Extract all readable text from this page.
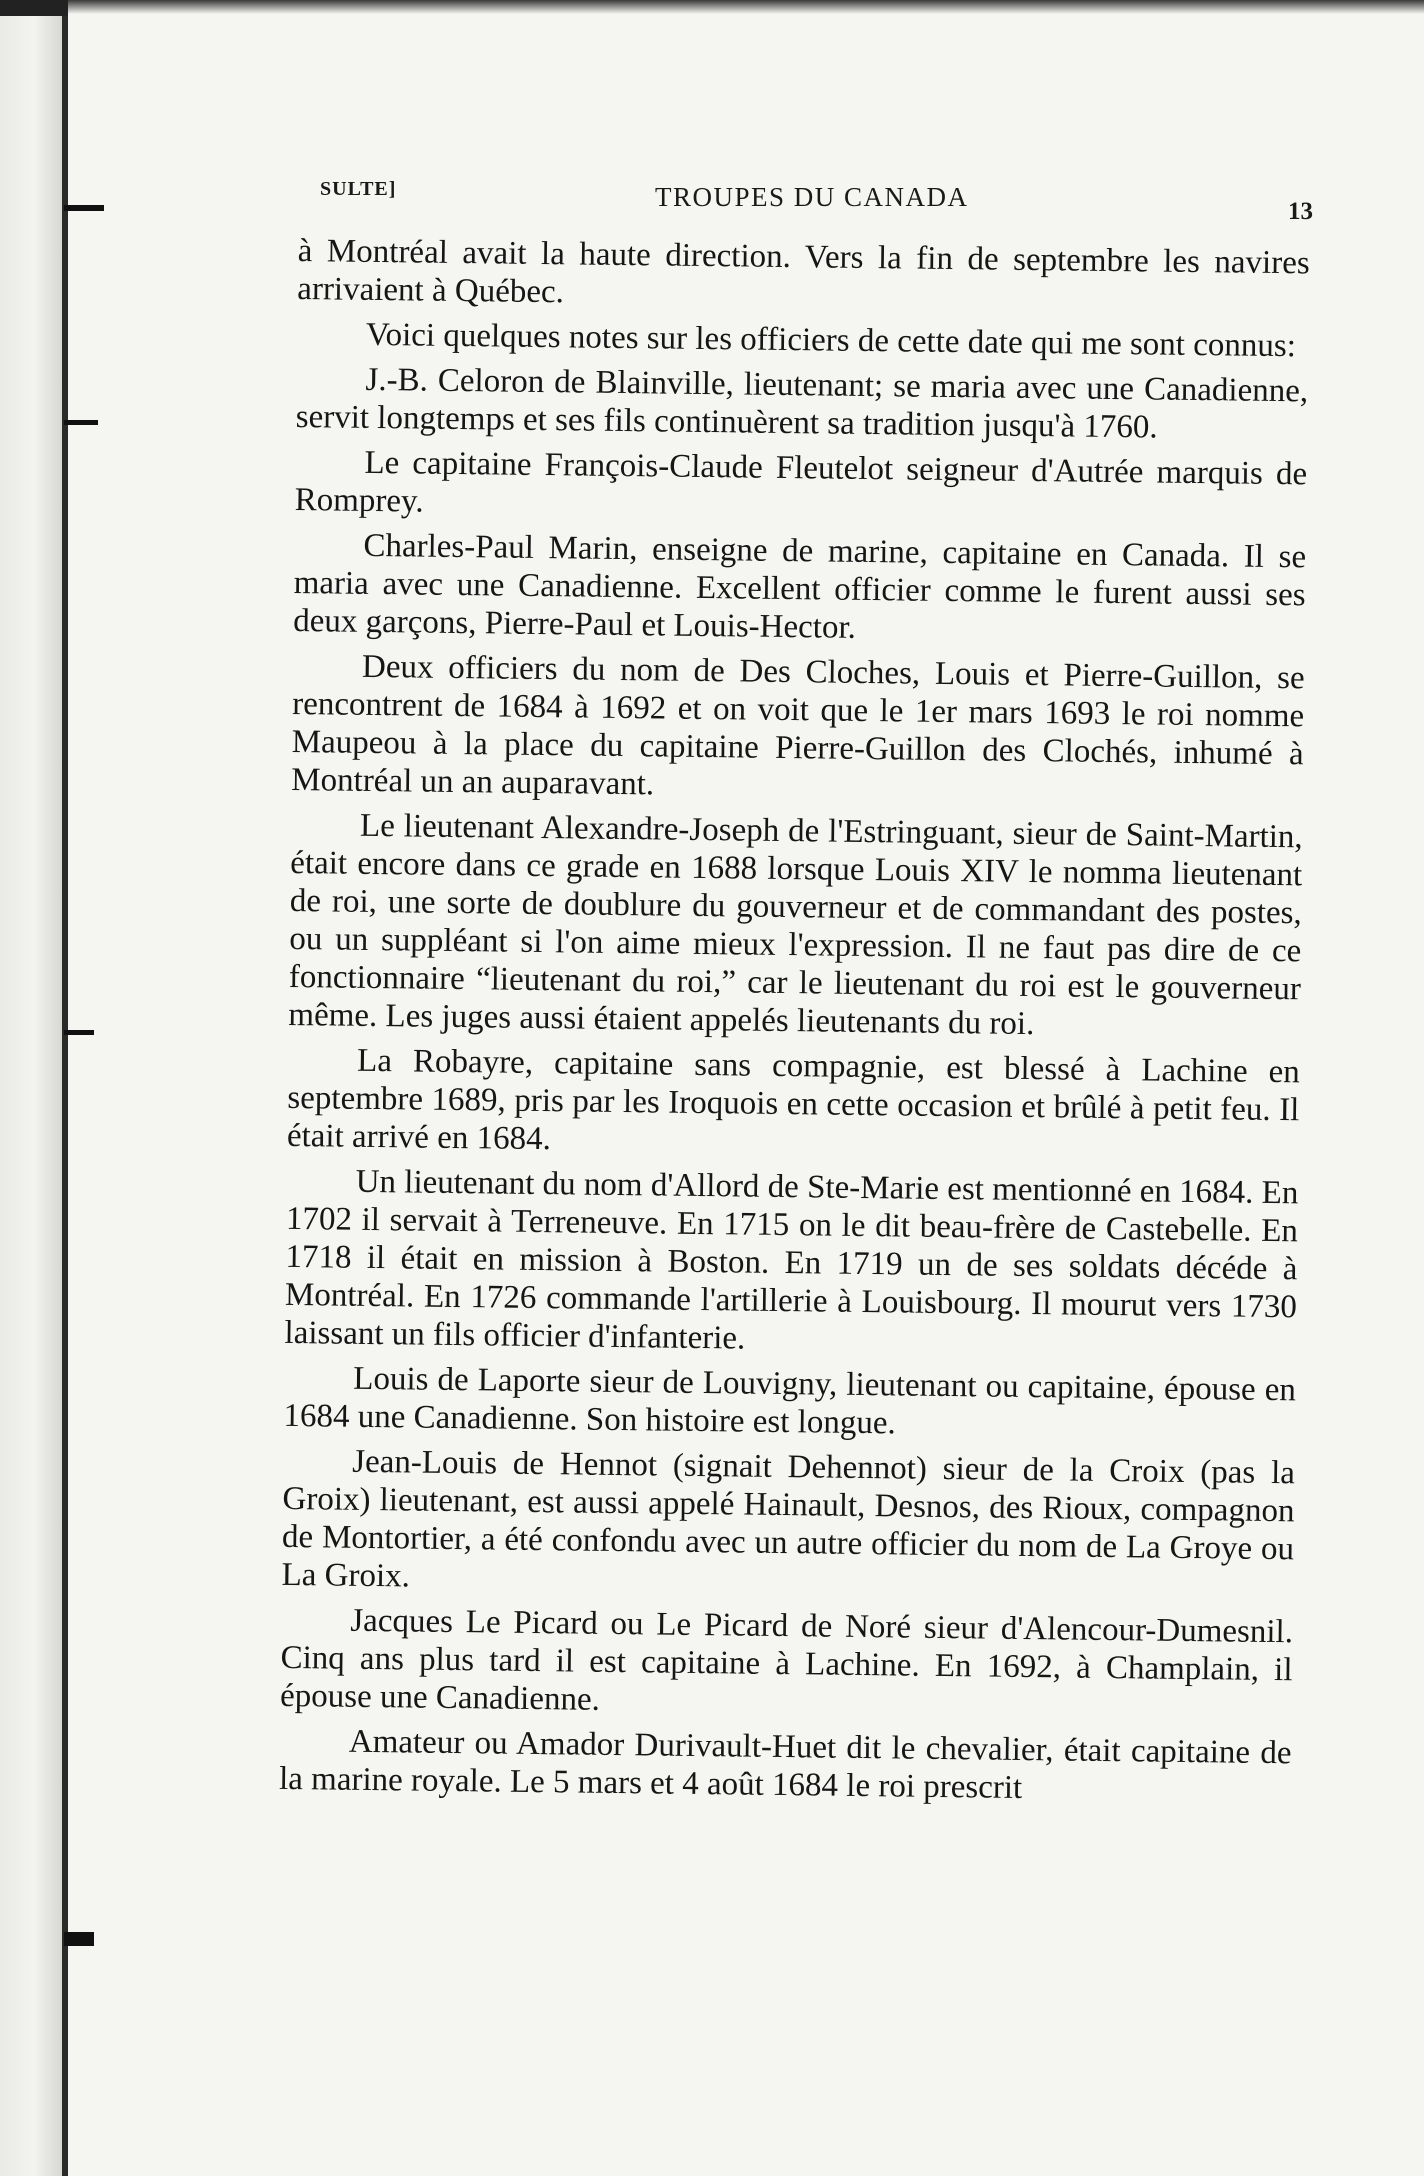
SULTE]	TROUPES DU CANADA	13

à Montréal avait la haute direction. Vers la fin de septembre les navires arrivaient à Québec.

Voici quelques notes sur les officiers de cette date qui me sont connus:

J.-B. Celoron de Blainville, lieutenant; se maria avec une Canadienne, servit longtemps et ses fils continuèrent sa tradition jusqu'à 1760.

Le capitaine François-Claude Fleutelot seigneur d'Autrée marquis de Romprey.

Charles-Paul Marin, enseigne de marine, capitaine en Canada. Il se maria avec une Canadienne. Excellent officier comme le furent aussi ses deux garçons, Pierre-Paul et Louis-Hector.

Deux officiers du nom de Des Cloches, Louis et Pierre-Guillon, se rencontrent de 1684 à 1692 et on voit que le 1er mars 1693 le roi nomme Maupeou à la place du capitaine Pierre-Guillon des Clochés, inhumé à Montréal un an auparavant.

Le lieutenant Alexandre-Joseph de l'Estringuant, sieur de Saint-Martin, était encore dans ce grade en 1688 lorsque Louis XIV le nomma lieutenant de roi, une sorte de doublure du gouverneur et de commandant des postes, ou un suppléant si l'on aime mieux l'expression. Il ne faut pas dire de ce fonctionnaire “lieutenant du roi,” car le lieutenant du roi est le gouverneur même. Les juges aussi étaient appelés lieutenants du roi.

La Robayre, capitaine sans compagnie, est blessé à Lachine en septembre 1689, pris par les Iroquois en cette occasion et brûlé à petit feu. Il était arrivé en 1684.

Un lieutenant du nom d'Allord de Ste-Marie est mentionné en 1684. En 1702 il servait à Terreneuve. En 1715 on le dit beau-frère de Castebelle. En 1718 il était en mission à Boston. En 1719 un de ses soldats décéde à Montréal. En 1726 commande l'artillerie à Louisbourg. Il mourut vers 1730 laissant un fils officier d'infanterie.

Louis de Laporte sieur de Louvigny, lieutenant ou capitaine, épouse en 1684 une Canadienne. Son histoire est longue.

Jean-Louis de Hennot (signait Dehennot) sieur de la Croix (pas la Groix) lieutenant, est aussi appelé Hainault, Desnos, des Rioux, compagnon de Montortier, a été confondu avec un autre officier du nom de La Groye ou La Groix.

Jacques Le Picard ou Le Picard de Noré sieur d'Alencour-Dumesnil. Cinq ans plus tard il est capitaine à Lachine. En 1692, à Champlain, il épouse une Canadienne.

Amateur ou Amador Durivault-Huet dit le chevalier, était capitaine de la marine royale. Le 5 mars et 4 août 1684 le roi prescrit
